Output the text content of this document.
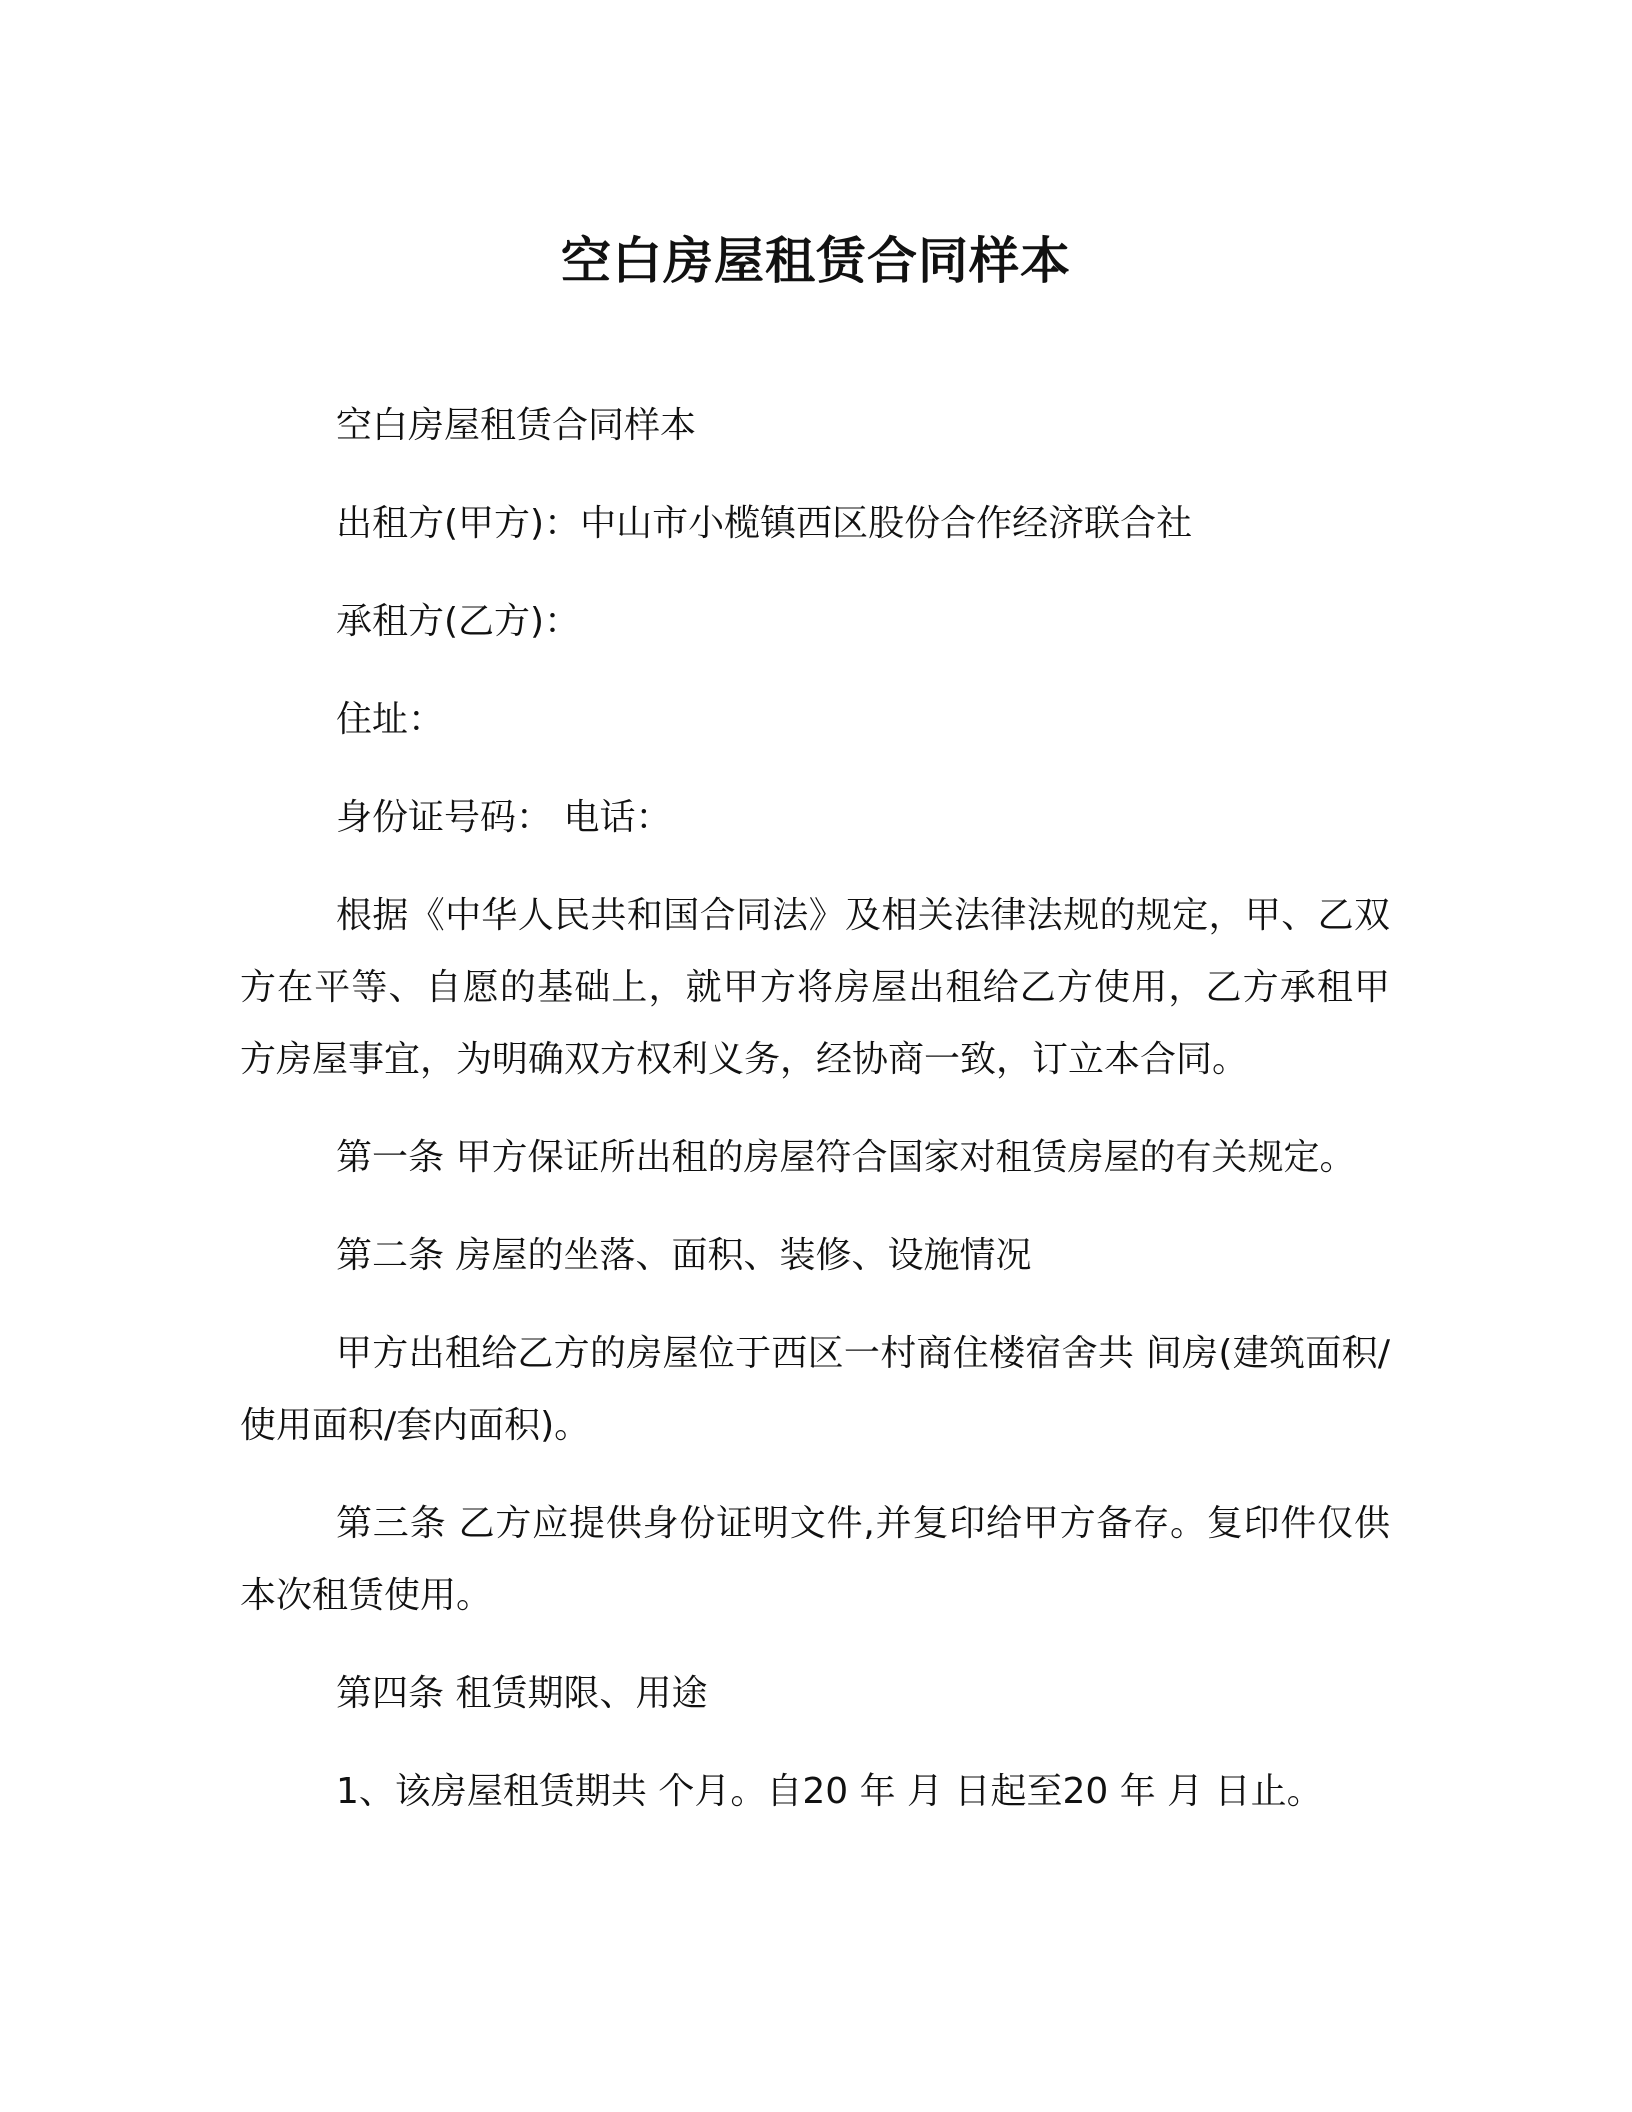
空白房屋租赁合同样本

空白房屋租赁合同样本

出租方(甲方)：中山市小榄镇西区股份合作经济联合社

承租方(乙方)：

住址：

身份证号码： 电话：

根据《中华人民共和国合同法》及相关法律法规的规定，甲、乙双方在平等、自愿的基础上，就甲方将房屋出租给乙方使用，乙方承租甲方房屋事宜，为明确双方权利义务，经协商一致，订立本合同。

第一条 甲方保证所出租的房屋符合国家对租赁房屋的有关规定。

第二条 房屋的坐落、面积、装修、设施情况

甲方出租给乙方的房屋位于西区一村商住楼宿舍共 间房(建筑面积/使用面积/套内面积)。

第三条 乙方应提供身份证明文件,并复印给甲方备存。复印件仅供本次租赁使用。

第四条 租赁期限、用途

1、该房屋租赁期共 个月。自20 年 月 日起至20 年 月 日止。
